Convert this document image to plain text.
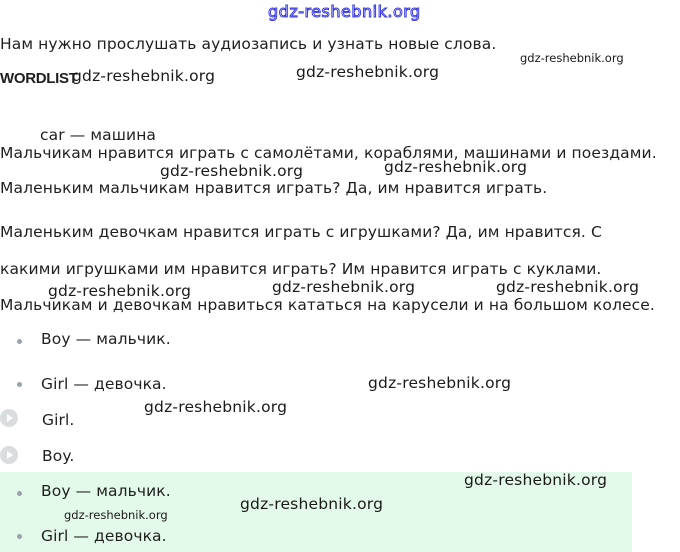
gdz-reshebnik.org
Нам нужно прослушать аудиозапись и узнать новые слова.
WORDLIST
gdz-reshebnik.org	gdz-reshebnik.org
gdz-reshebnik.org
car — машина
Мальчикам нравится играть с самолётами, кораблями, машинами и поездами.
Маленьким мальчикам нравится играть? Да, им нравится играть.
Маленьким девочкам нравится играть с игрушками? Да, им нравится. С
какими игрушками им нравится играть? Им нравится играть с куклами.
Мальчикам и девочкам нравиться кататься на карусели и на большом колесе.
gdz-reshebnik.org	gdz-reshebnik.org
gdz-reshebnik.org	gdz-reshebnik.org	gdz-reshebnik.org
Boy — мальчик.
Girl — девочка.	gdz-reshebnik.org
gdz-reshebnik.org
Girl.
Boy.
Boy — мальчик.
Girl — девочка.
gdz-reshebnik.org
gdz-reshebnik.org
gdz-reshebnik.org
